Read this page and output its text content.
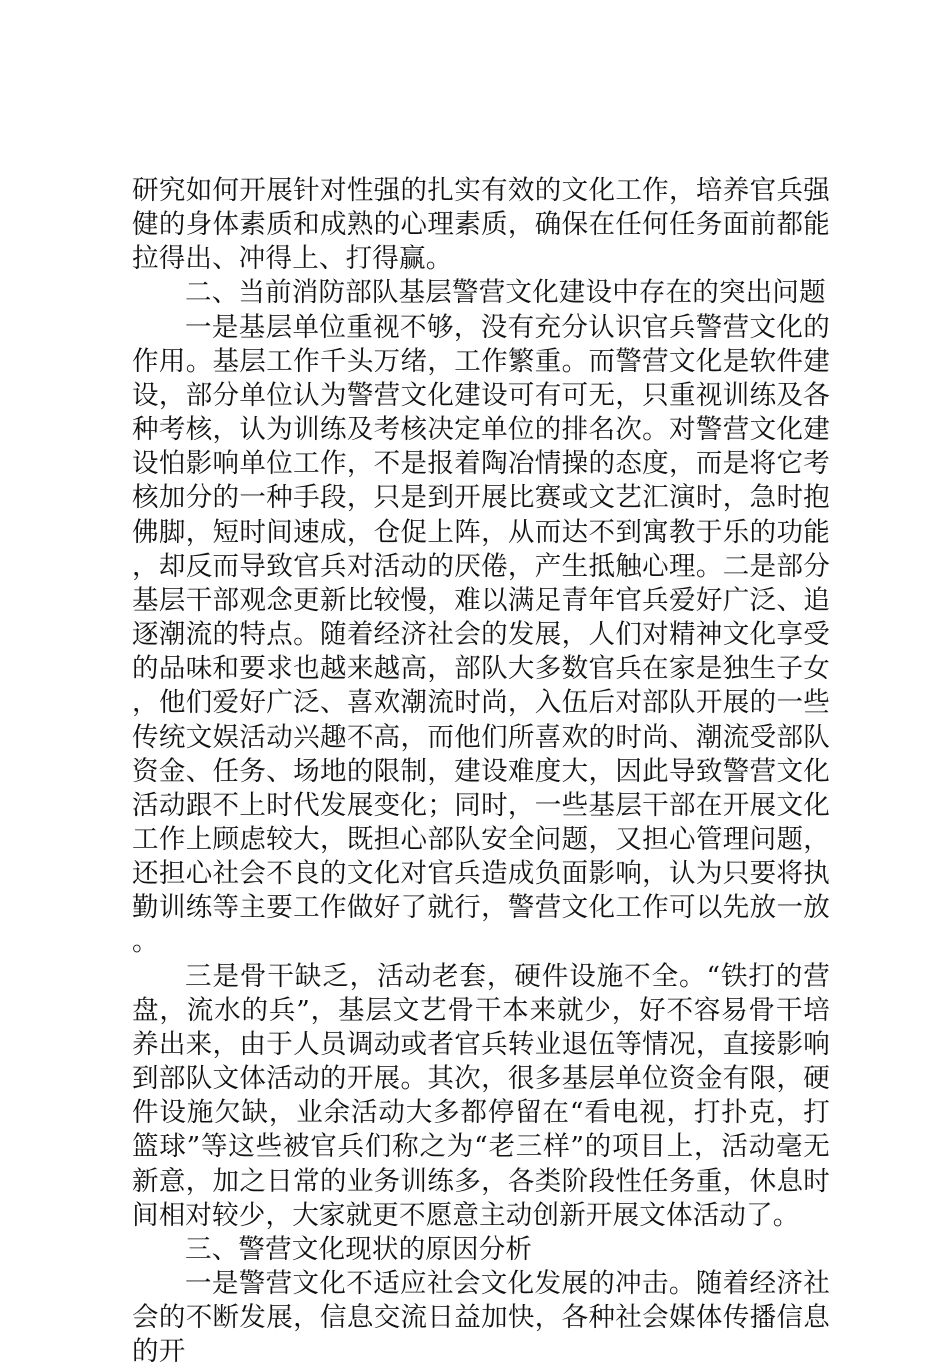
研究如何开展针对性强的扎实有效的文化工作，培养官兵强健的身体素质和成熟的心理素质，确保在任何任务面前都能拉得出、冲得上、打得赢。

二、当前消防部队基层警营文化建设中存在的突出问题

一是基层单位重视不够，没有充分认识官兵警营文化的作用。基层工作千头万绪，工作繁重。而警营文化是软件建设，部分单位认为警营文化建设可有可无，只重视训练及各种考核，认为训练及考核决定单位的排名次。对警营文化建设怕影响单位工作，不是报着陶冶情操的态度，而是将它考核加分的一种手段，只是到开展比赛或文艺汇演时，急时抱佛脚，短时间速成，仓促上阵，从而达不到寓教于乐的功能，却反而导致官兵对活动的厌倦，产生抵触心理。二是部分基层干部观念更新比较慢，难以满足青年官兵爱好广泛、追逐潮流的特点。随着经济社会的发展，人们对精神文化享受的品味和要求也越来越高，部队大多数官兵在家是独生子女，他们爱好广泛、喜欢潮流时尚，入伍后对部队开展的一些传统文娱活动兴趣不高，而他们所喜欢的时尚、潮流受部队资金、任务、场地的限制，建设难度大，因此导致警营文化活动跟不上时代发展变化；同时，一些基层干部在开展文化工作上顾虑较大，既担心部队安全问题，又担心管理问题，还担心社会不良的文化对官兵造成负面影响，认为只要将执勤训练等主要工作做好了就行，警营文化工作可以先放一放。

三是骨干缺乏，活动老套，硬件设施不全。“铁打的营盘，流水的兵”，基层文艺骨干本来就少，好不容易骨干培养出来，由于人员调动或者官兵转业退伍等情况，直接影响到部队文体活动的开展。其次，很多基层单位资金有限，硬件设施欠缺，业余活动大多都停留在“看电视，打扑克，打篮球”等这些被官兵们称之为“老三样”的项目上，活动毫无新意，加之日常的业务训练多，各类阶段性任务重，休息时间相对较少，大家就更不愿意主动创新开展文体活动了。

三、警营文化现状的原因分析

一是警营文化不适应社会文化发展的冲击。随着经济社会的不断发展，信息交流日益加快，各种社会媒体传播信息的开
